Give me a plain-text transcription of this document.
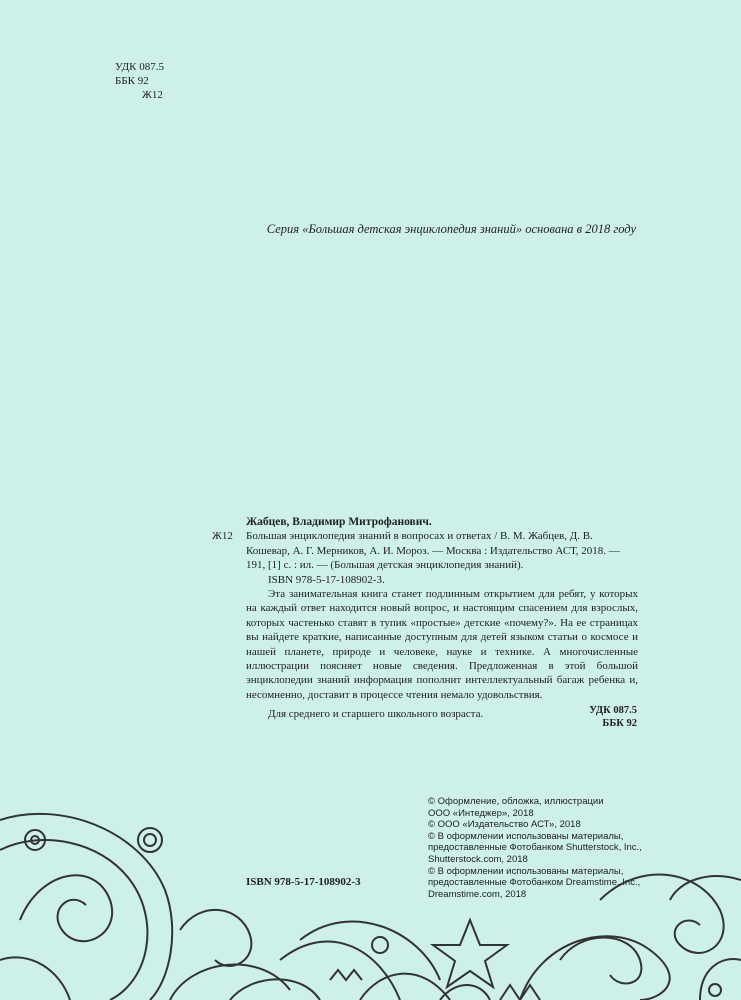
УДК 087.5
ББК 92
Ж12
Серия «Большая детская энциклопедия знаний» основана в 2018 году
Жабцев, Владимир Митрофанович.
Ж12 Большая энциклопедия знаний в вопросах и ответах / В. М. Жабцев, Д. В. Кошевар, А. Г. Мерников, А. И. Мороз. — Москва : Издательство АСТ, 2018. — 191, [1] с. : ил. — (Большая детская энциклопедия знаний).
ISBN 978-5-17-108902-3.

Эта занимательная книга станет подлинным открытием для ребят, у которых на каждый ответ находится новый вопрос, и настоящим спасением для взрослых, которых частенько ставят в тупик «простые» детские «почему?». На ее страницах вы найдете краткие, написанные доступным для детей языком статьи о космосе и нашей планете, природе и человеке, науке и технике. А многочисленные иллюстрации поясняет новые сведения. Предложенная в этой большой энциклопедии знаний информация пополнит интеллектуальный багаж ребенка и, несомненно, доставит в процессе чтения немало удовольствия.

Для среднего и старшего школьного возраста.	УДК 087.5
ББК 92
ISBN 978-5-17-108902-3
© Оформление, обложка, иллюстрации
ООО «Интеджер», 2018
© ООО «Издательство АСТ», 2018
© В оформлении использованы материалы,
предоставленные Фотобанком Shutterstock, Inc.,
Shutterstock.com, 2018
© В оформлении использованы материалы,
предоставленные Фотобанком Dreamstime, Inc.,
Dreamstime.com, 2018
